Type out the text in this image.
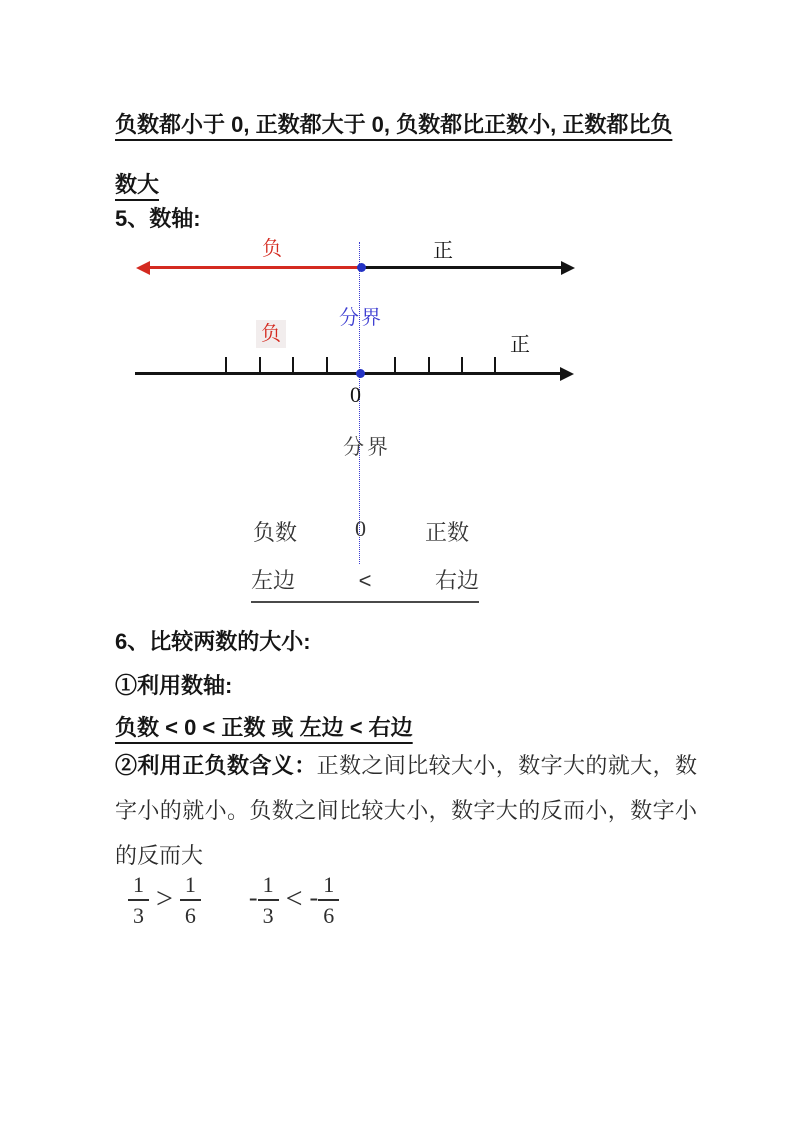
负数都小于 0, 正数都大于 0, 负数都比正数小, 正数都比负数大
5、数轴:
负	正
分界
负	正
0
分界
负数	0	正数
左边	<	右边
6、比较两数的大小:
①利用数轴:
负数 < 0 < 正数 或 左边 < 右边
②利用正负数含义：正数之间比较大小，数字大的就大，数字小的就小。负数之间比较大小，数字大的反而小，数字小的反而大
$\frac{1}{3} > \frac{1}{6} - \frac{1}{3}$ < - $\frac{1}{6}$
